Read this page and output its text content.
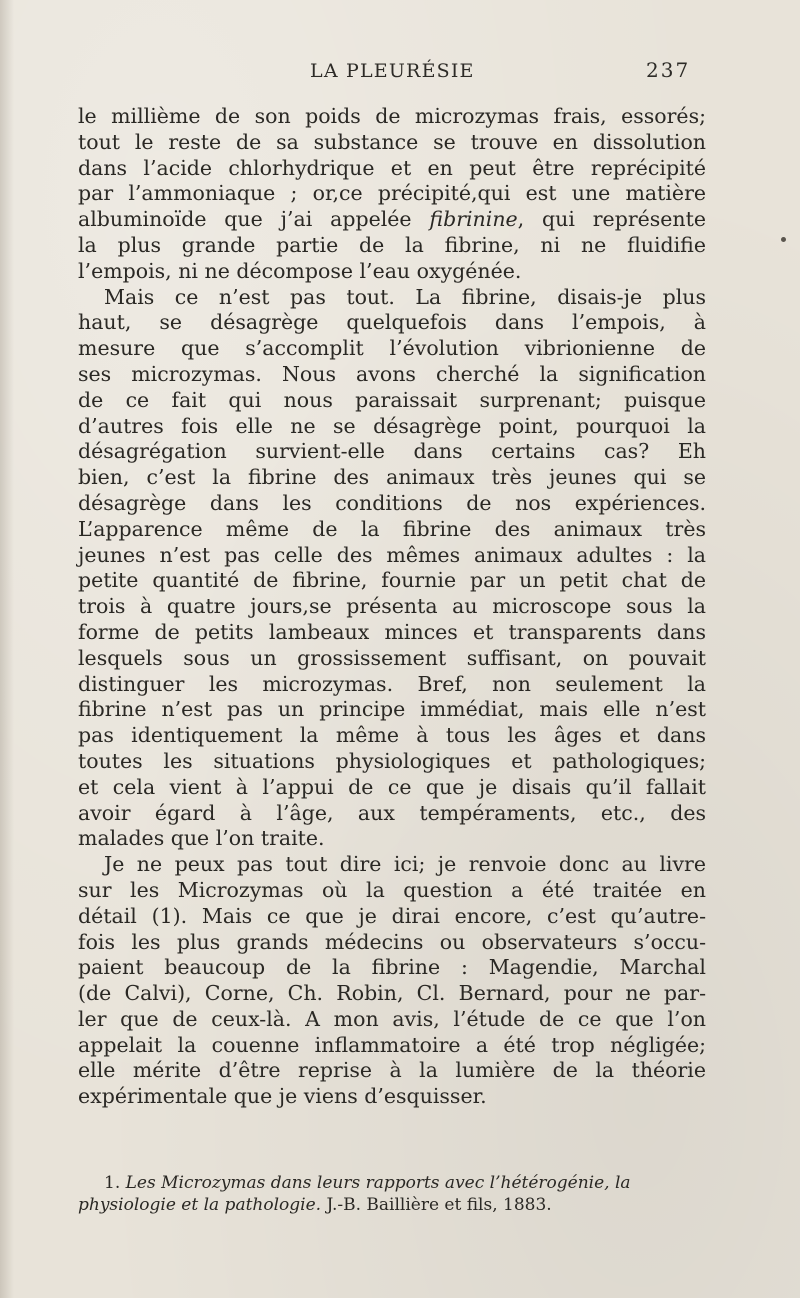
LA PLEURÉSIE	237
le millième de son poids de microzymas frais, essorés;
tout le reste de sa substance se trouve en dissolution
dans l’acide chlorhydrique et en peut être reprécipité
par l’ammoniaque ; or,ce précipité,qui est une matière
albuminoïde que j’ai appelée fibrinine, qui représente
la plus grande partie de la fibrine, ni ne fluidifie
l’empois, ni ne décompose l’eau oxygénée.
Mais ce n’est pas tout. La fibrine, disais-je plus
haut, se désagrège quelquefois dans l’empois, à
mesure que s’accomplit l’évolution vibrionienne de
ses microzymas. Nous avons cherché la signification
de ce fait qui nous paraissait surprenant; puisque
d’autres fois elle ne se désagrège point, pourquoi la
désagrégation survient-elle dans certains cas? Eh
bien, c’est la fibrine des animaux très jeunes qui se
désagrège dans les conditions de nos expériences.
L’apparence même de la fibrine des animaux très
jeunes n’est pas celle des mêmes animaux adultes : la
petite quantité de fibrine, fournie par un petit chat de
trois à quatre jours,se présenta au microscope sous la
forme de petits lambeaux minces et transparents dans
lesquels sous un grossissement suffisant, on pouvait
distinguer les microzymas. Bref, non seulement la
fibrine n’est pas un principe immédiat, mais elle n’est
pas identiquement la même à tous les âges et dans
toutes les situations physiologiques et pathologiques;
et cela vient à l’appui de ce que je disais qu’il fallait
avoir égard à l’âge, aux tempéraments, etc., des
malades que l’on traite.
Je ne peux pas tout dire ici; je renvoie donc au livre
sur les Microzymas où la question a été traitée en
détail (1). Mais ce que je dirai encore, c’est qu’autre-
fois les plus grands médecins ou observateurs s’occu-
paient beaucoup de la fibrine : Magendie, Marchal
(de Calvi), Corne, Ch. Robin, Cl. Bernard, pour ne par-
ler que de ceux-là. A mon avis, l’étude de ce que l’on
appelait la couenne inflammatoire a été trop négligée;
elle mérite d’être reprise à la lumière de la théorie
expérimentale que je viens d’esquisser.
1. Les Microzymas dans leurs rapports avec l’hétérogénie, la
physiologie et la pathologie. J.-B. Baillière et fils, 1883.
